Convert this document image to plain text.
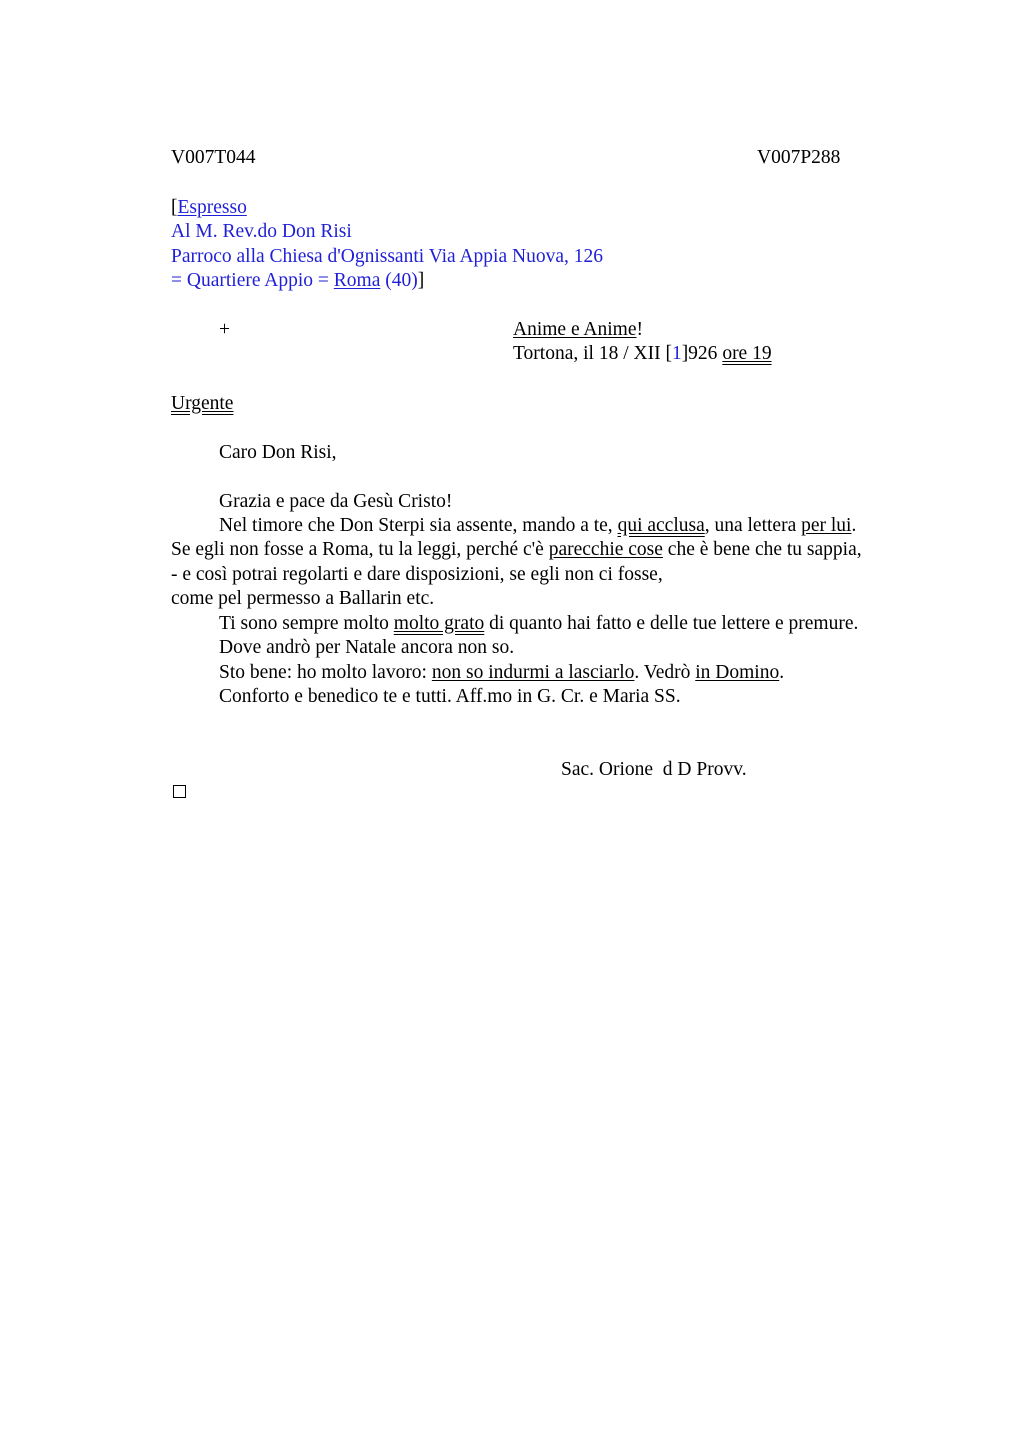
V007T044	V007P288
[Espresso
Al M. Rev.do Don Risi
Parroco alla Chiesa d'Ognissanti Via Appia Nuova, 126
= Quartiere Appio = Roma (40)]
+	Anime e Anime!
Tortona, il 18 / XII [1]926 ore 19
Urgente
Caro Don Risi,
Grazia e pace da Gesù Cristo!
Nel timore che Don Sterpi sia assente, mando a te, qui acclusa, una lettera per lui.
Se egli non fosse a Roma, tu la leggi, perché c'è parecchie cose che è bene che tu sappia,
- e così potrai regolarti e dare disposizioni, se egli non ci fosse,
come pel permesso a Ballarin etc.
Ti sono sempre molto molto grato di quanto hai fatto e delle tue lettere e premure.
Dove andrò per Natale ancora non so.
Sto bene: ho molto lavoro: non so indurmi a lasciarlo. Vedrò in Domino.
Conforto e benedico te e tutti. Aff.mo in G. Cr. e Maria SS.
Sac. Orione  d D Provv.
